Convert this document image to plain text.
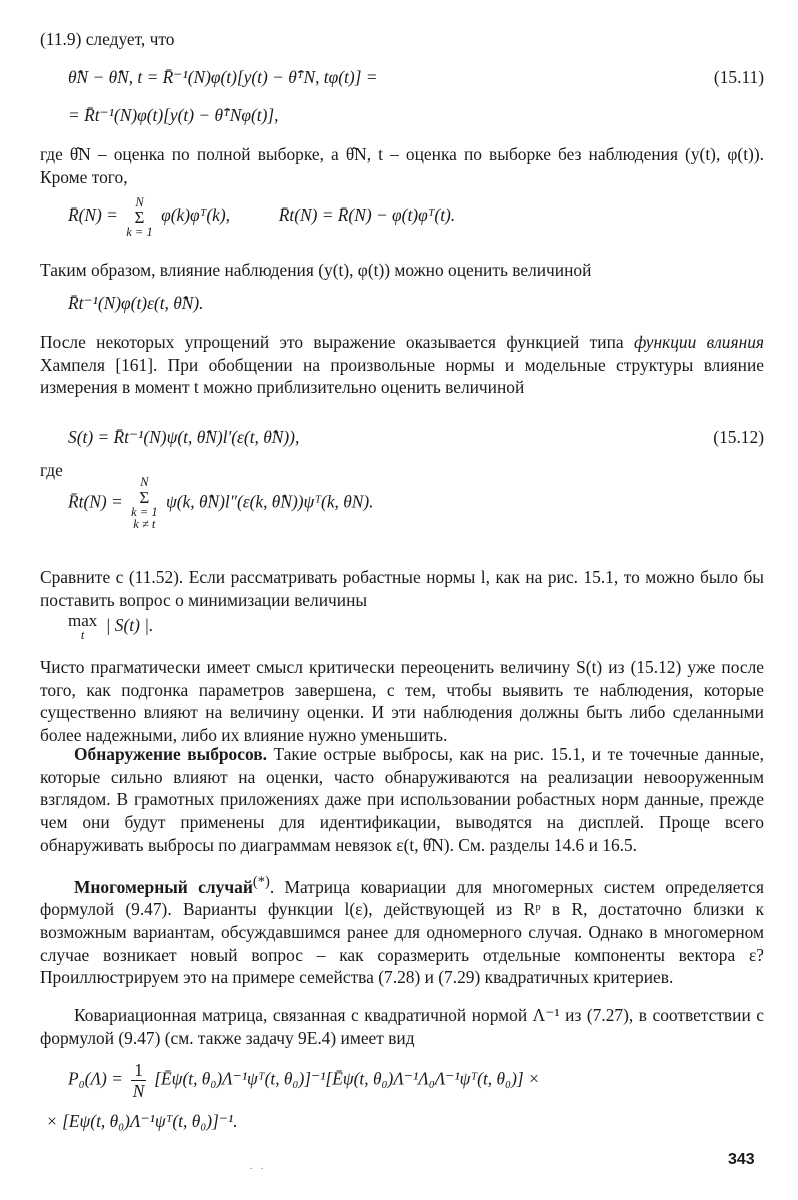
(11.9) следует, что

θ̂N − θ̂N, t = R̄⁻¹(N)φ(t)[y(t) − θ̂ᵀN, tφ(t)] =	(15.11)
= R̄t⁻¹(N)φ(t)[y(t) − θ̂ᵀNφ(t)],

где θ̂N – оценка по полной выборке, а θ̂N, t – оценка по выборке без наблюдения (y(t), φ(t)). Кроме того,

R̄(N) =
N
Σ
k = 1
φ(k)φᵀ(k),	R̄t(N) = R̄(N) − φ(t)φᵀ(t).

Таким образом, влияние наблюдения (y(t), φ(t)) можно оценить величиной

R̄t⁻¹(N)φ(t)ε(t, θ̂N).

После некоторых упрощений это выражение оказывается функцией типа функции влияния Хампеля [161]. При обобщении на произвольные нормы и модельные структуры влияние измерения в момент t можно приблизительно оценить величиной

S(t) = R̄t⁻¹(N)ψ(t, θ̂N)l′(ε(t, θ̂N)),	(15.12)

где

R̄t(N) =
N
Σ
k = 1
k ≠ t
ψ(k, θ̂N)l″(ε(k, θ̂N))ψᵀ(k, θN).

Сравните с (11.52). Если рассматривать робастные нормы l, как на рис. 15.1, то можно было бы поставить вопрос о минимизации величины

max
t
| S(t) |.

Чисто прагматически имеет смысл критически переоценить величину S(t) из (15.12) уже после того, как подгонка параметров завершена, с тем, чтобы выявить те наблюдения, которые существенно влияют на величину оценки. И эти наблюдения должны быть либо сделанными более надежными, либо их влияние нужно уменьшить.

Обнаружение выбросов. Такие острые выбросы, как на рис. 15.1, и те точечные данные, которые сильно влияют на оценки, часто обнаруживаются на реализации невооруженным взглядом. В грамотных приложениях даже при использовании робастных норм данные, прежде чем они будут применены для идентификации, выводятся на дисплей. Проще всего обнаруживать выбросы по диаграммам невязок ε(t, θ̂N). См. разделы 14.6 и 16.5.

Многомерный случай(*). Матрица ковариации для многомерных систем определяется формулой (9.47). Варианты функции l(ε), действующей из Rᵖ в R, достаточно близки к возможным вариантам, обсуждавшимся ранее для одномерного случая. Однако в многомерном случае возникает новый вопрос – как соразмерить отдельные компоненты вектора ε? Проиллюстрируем это на примере семейства (7.28) и (7.29) квадратичных критериев.

Ковариационная матрица, связанная с квадратичной нормой Λ⁻¹ из (7.27), в соответствии с формулой (9.47) (см. также задачу 9E.4) имеет вид

$P_0(\Lambda) = \frac{1}{N}$ [Ēψ(t, θ₀)Λ⁻¹ψᵀ(t, θ₀)]⁻¹[Ēψ(t, θ₀)Λ⁻¹Λ₀Λ⁻¹ψᵀ(t, θ₀)] ×
× [Eψ(t, θ₀)Λ⁻¹ψᵀ(t, θ₀)]⁻¹.
. .	343
